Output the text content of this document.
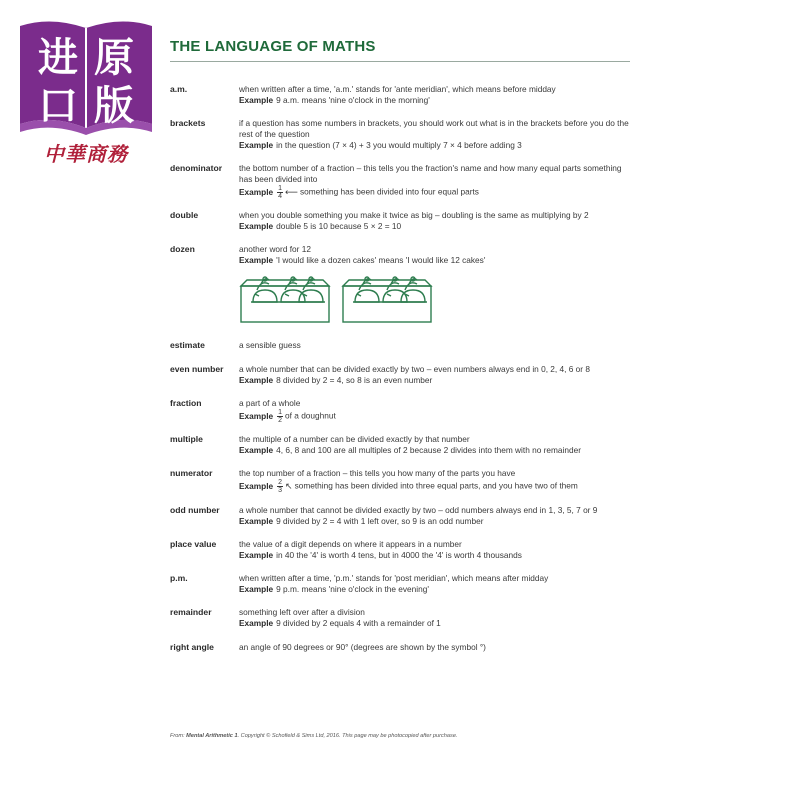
进 原
口 版
中華商務
THE LANGUAGE OF MATHS
a.m.	when written after a time, 'a.m.' stands for 'ante meridian', which means before midday
Example 9 a.m. means 'nine o'clock in the morning'
brackets	if a question has some numbers in brackets, you should work out what is in the brackets before you do the rest of the question
Example in the question (7 × 4) + 3 you would multiply 7 × 4 before adding 3
denominator	the bottom number of a fraction – this tells you the fraction's name and how many equal parts something has been divided into
Example $\frac{1}{4}$ ⟵ something has been divided into four equal parts
double	when you double something you make it twice as big – doubling is the same as multiplying by 2
Example double 5 is 10 because 5 × 2 = 10
dozen	another word for 12
Example 'I would like a dozen cakes' means 'I would like 12 cakes'
estimate	a sensible guess
even number	a whole number that can be divided exactly by two – even numbers always end in 0, 2, 4, 6 or 8
Example 8 divided by 2 = 4, so 8 is an even number
fraction	a part of a whole
Example $\frac{1}{2}$ of a doughnut
multiple	the multiple of a number can be divided exactly by that number
Example 4, 6, 8 and 100 are all multiples of 2 because 2 divides into them with no remainder
numerator	the top number of a fraction – this tells you how many of the parts you have
Example $\frac{2}{3}$ ↖ something has been divided into three equal parts, and you have two of them
odd number	a whole number that cannot be divided exactly by two – odd numbers always end in 1, 3, 5, 7 or 9
Example 9 divided by 2 = 4 with 1 left over, so 9 is an odd number
place value	the value of a digit depends on where it appears in a number
Example in 40 the '4' is worth 4 tens, but in 4000 the '4' is worth 4 thousands
p.m.	when written after a time, 'p.m.' stands for 'post meridian', which means after midday
Example 9 p.m. means 'nine o'clock in the evening'
remainder	something left over after a division
Example 9 divided by 2 equals 4 with a remainder of 1
right angle	an angle of 90 degrees or 90° (degrees are shown by the symbol °)
From: Mental Arithmetic 1. Copyright © Schofield & Sims Ltd, 2016. This page may be photocopied after purchase.
